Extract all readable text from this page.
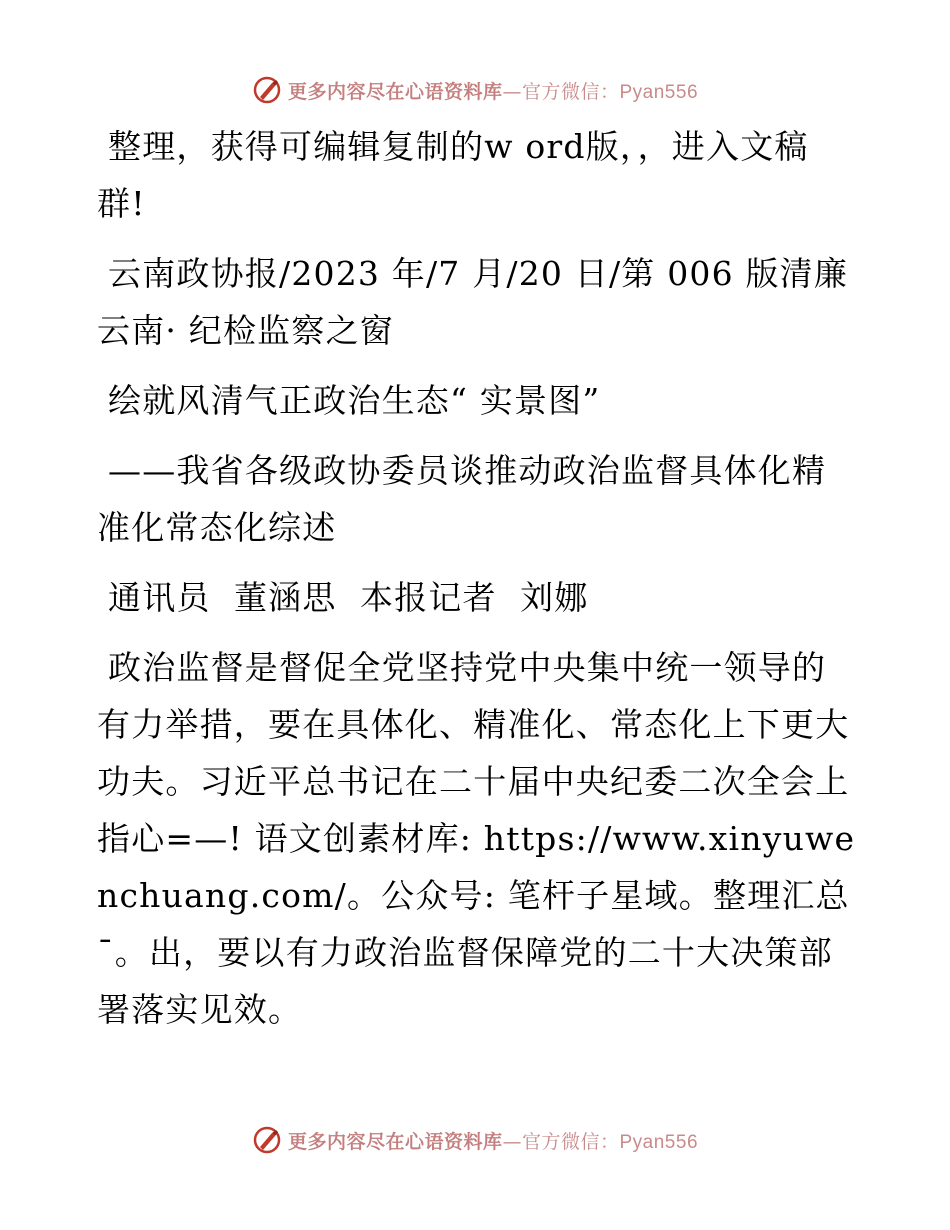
更多内容尽在心语资料库—官方微信：Pyan556

整理，获得可编辑复制的w ord版，，进入文稿群!

云南政协报/2023 年/7 月/20 日/第 006 版清廉云南· 纪检监察之窗

绘就风清气正政治生态“ 实景图”

——我省各级政协委员谈推动政治监督具体化精准化常态化综述

通讯员  董涵思  本报记者  刘娜

政治监督是督促全党坚持党中央集中统一领导的有力举措，要在具体化、精准化、常态化上下更大功夫。习近平总书记在二十届中央纪委二次全会上指心=—! 语文创素材库: https://www.xinyuwenchuang.com/。公众号: 笔杆子星域。整理汇总¯。出，要以有力政治监督保障党的二十大决策部署落实见效。

更多内容尽在心语资料库—官方微信：Pyan556
